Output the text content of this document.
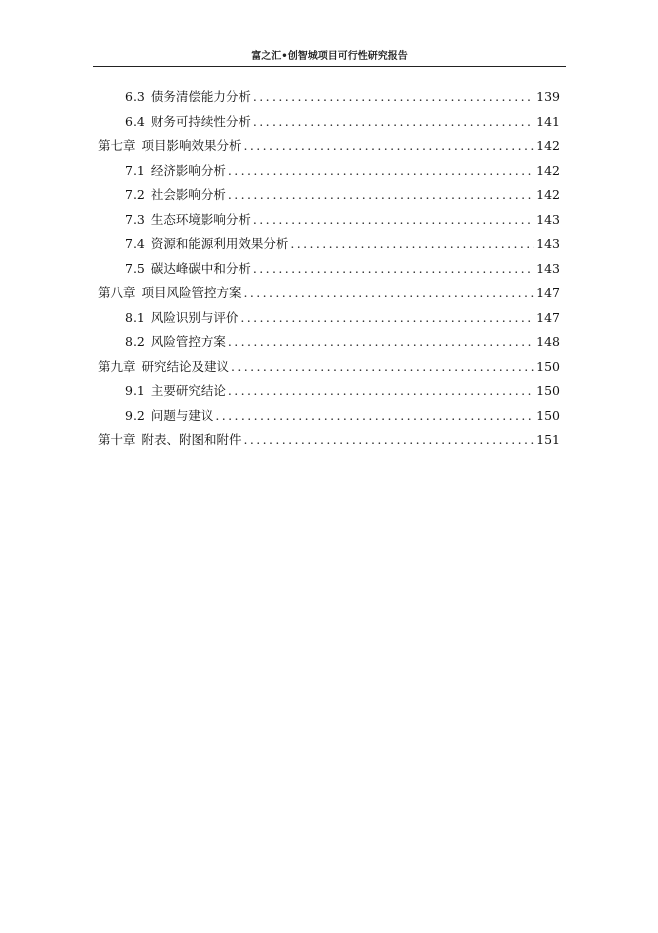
富之汇•创智城项目可行性研究报告
6.3 债务清偿能力分析 .....	139
6.4 财务可持续性分析 .....	141
第七章 项目影响效果分析 .....	142
7.1 经济影响分析 .....	142
7.2 社会影响分析 .....	142
7.3 生态环境影响分析 .....	143
7.4 资源和能源利用效果分析 .....	143
7.5 碳达峰碳中和分析 .....	143
第八章 项目风险管控方案 .....	147
8.1 风险识别与评价 .....	147
8.2 风险管控方案 .....	148
第九章 研究结论及建议 .....	150
9.1 主要研究结论 .....	150
9.2 问题与建议 .....	150
第十章 附表、附图和附件 .....	151
